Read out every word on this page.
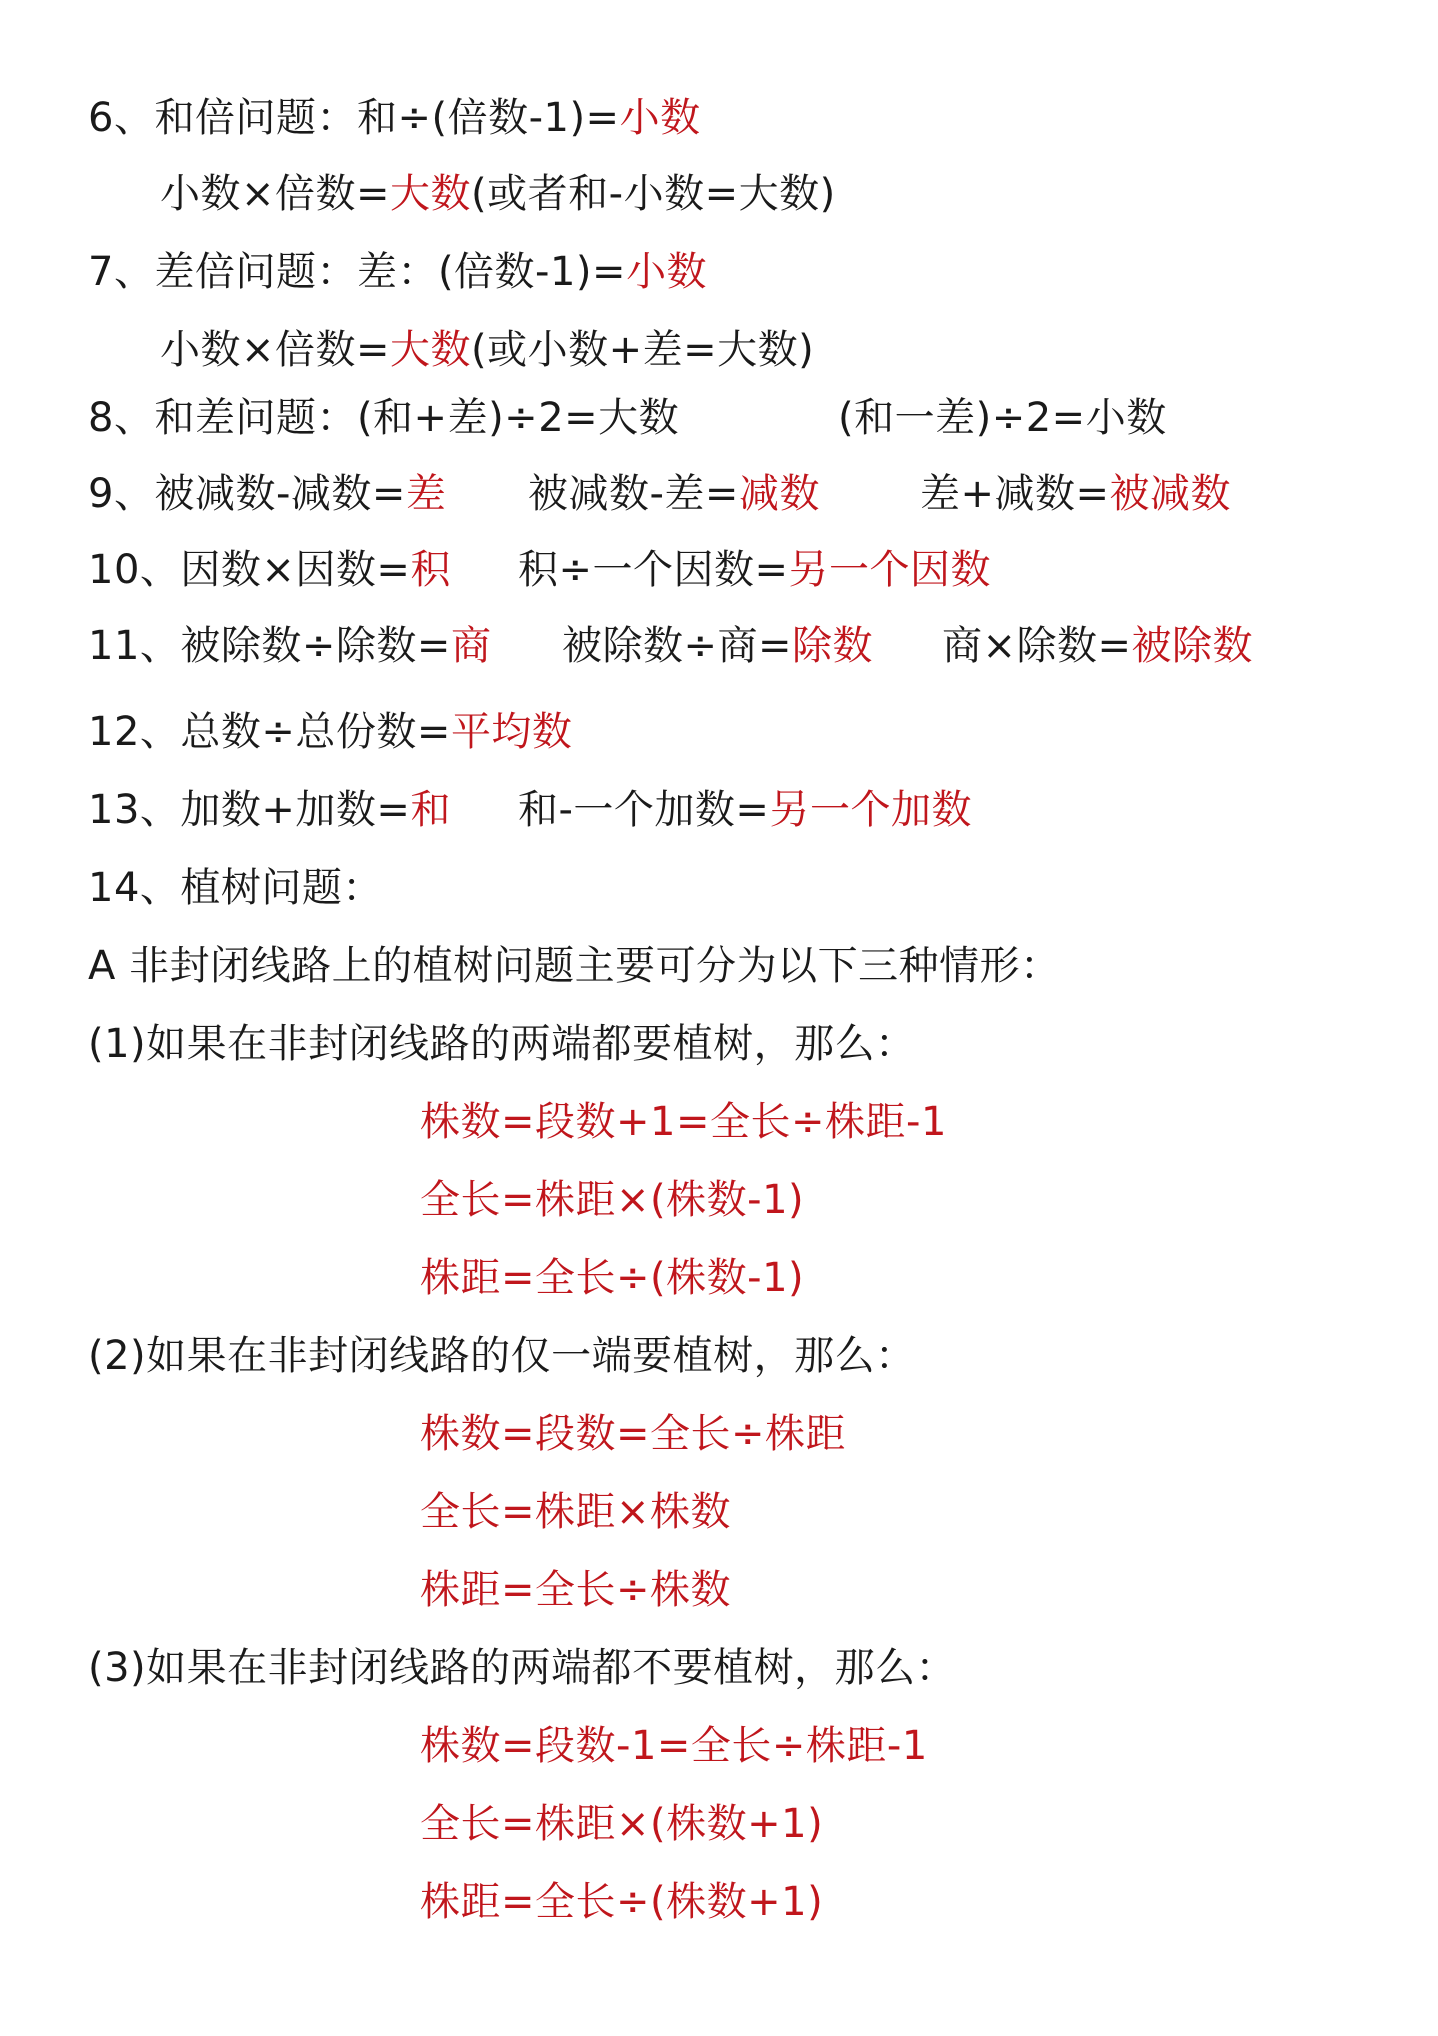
6、和倍问题：和÷(倍数-1)=小数
小数×倍数=大数(或者和-小数=大数)
7、差倍问题：差：(倍数-1)=小数
小数×倍数=大数(或小数+差=大数)
8、和差问题：(和+差)÷2=大数	(和一差)÷2=小数
9、被减数-减数=差 被减数-差=减数	差+减数=被减数
10、因数×因数=积 积÷一个因数=另一个因数
11、被除数÷除数=商 被除数÷商=除数 商×除数=被除数
12、总数÷总份数=平均数
13、加数+加数=和 和-一个加数=另一个加数
14、植树问题：
A 非封闭线路上的植树问题主要可分为以下三种情形：
(1)如果在非封闭线路的两端都要植树，那么：
株数=段数+1=全长÷株距-1
全长=株距×(株数-1)
株距=全长÷(株数-1)
(2)如果在非封闭线路的仅一端要植树，那么：
株数=段数=全长÷株距
全长=株距×株数
株距=全长÷株数
(3)如果在非封闭线路的两端都不要植树，那么：
株数=段数-1=全长÷株距-1
全长=株距×(株数+1)
株距=全长÷(株数+1)
